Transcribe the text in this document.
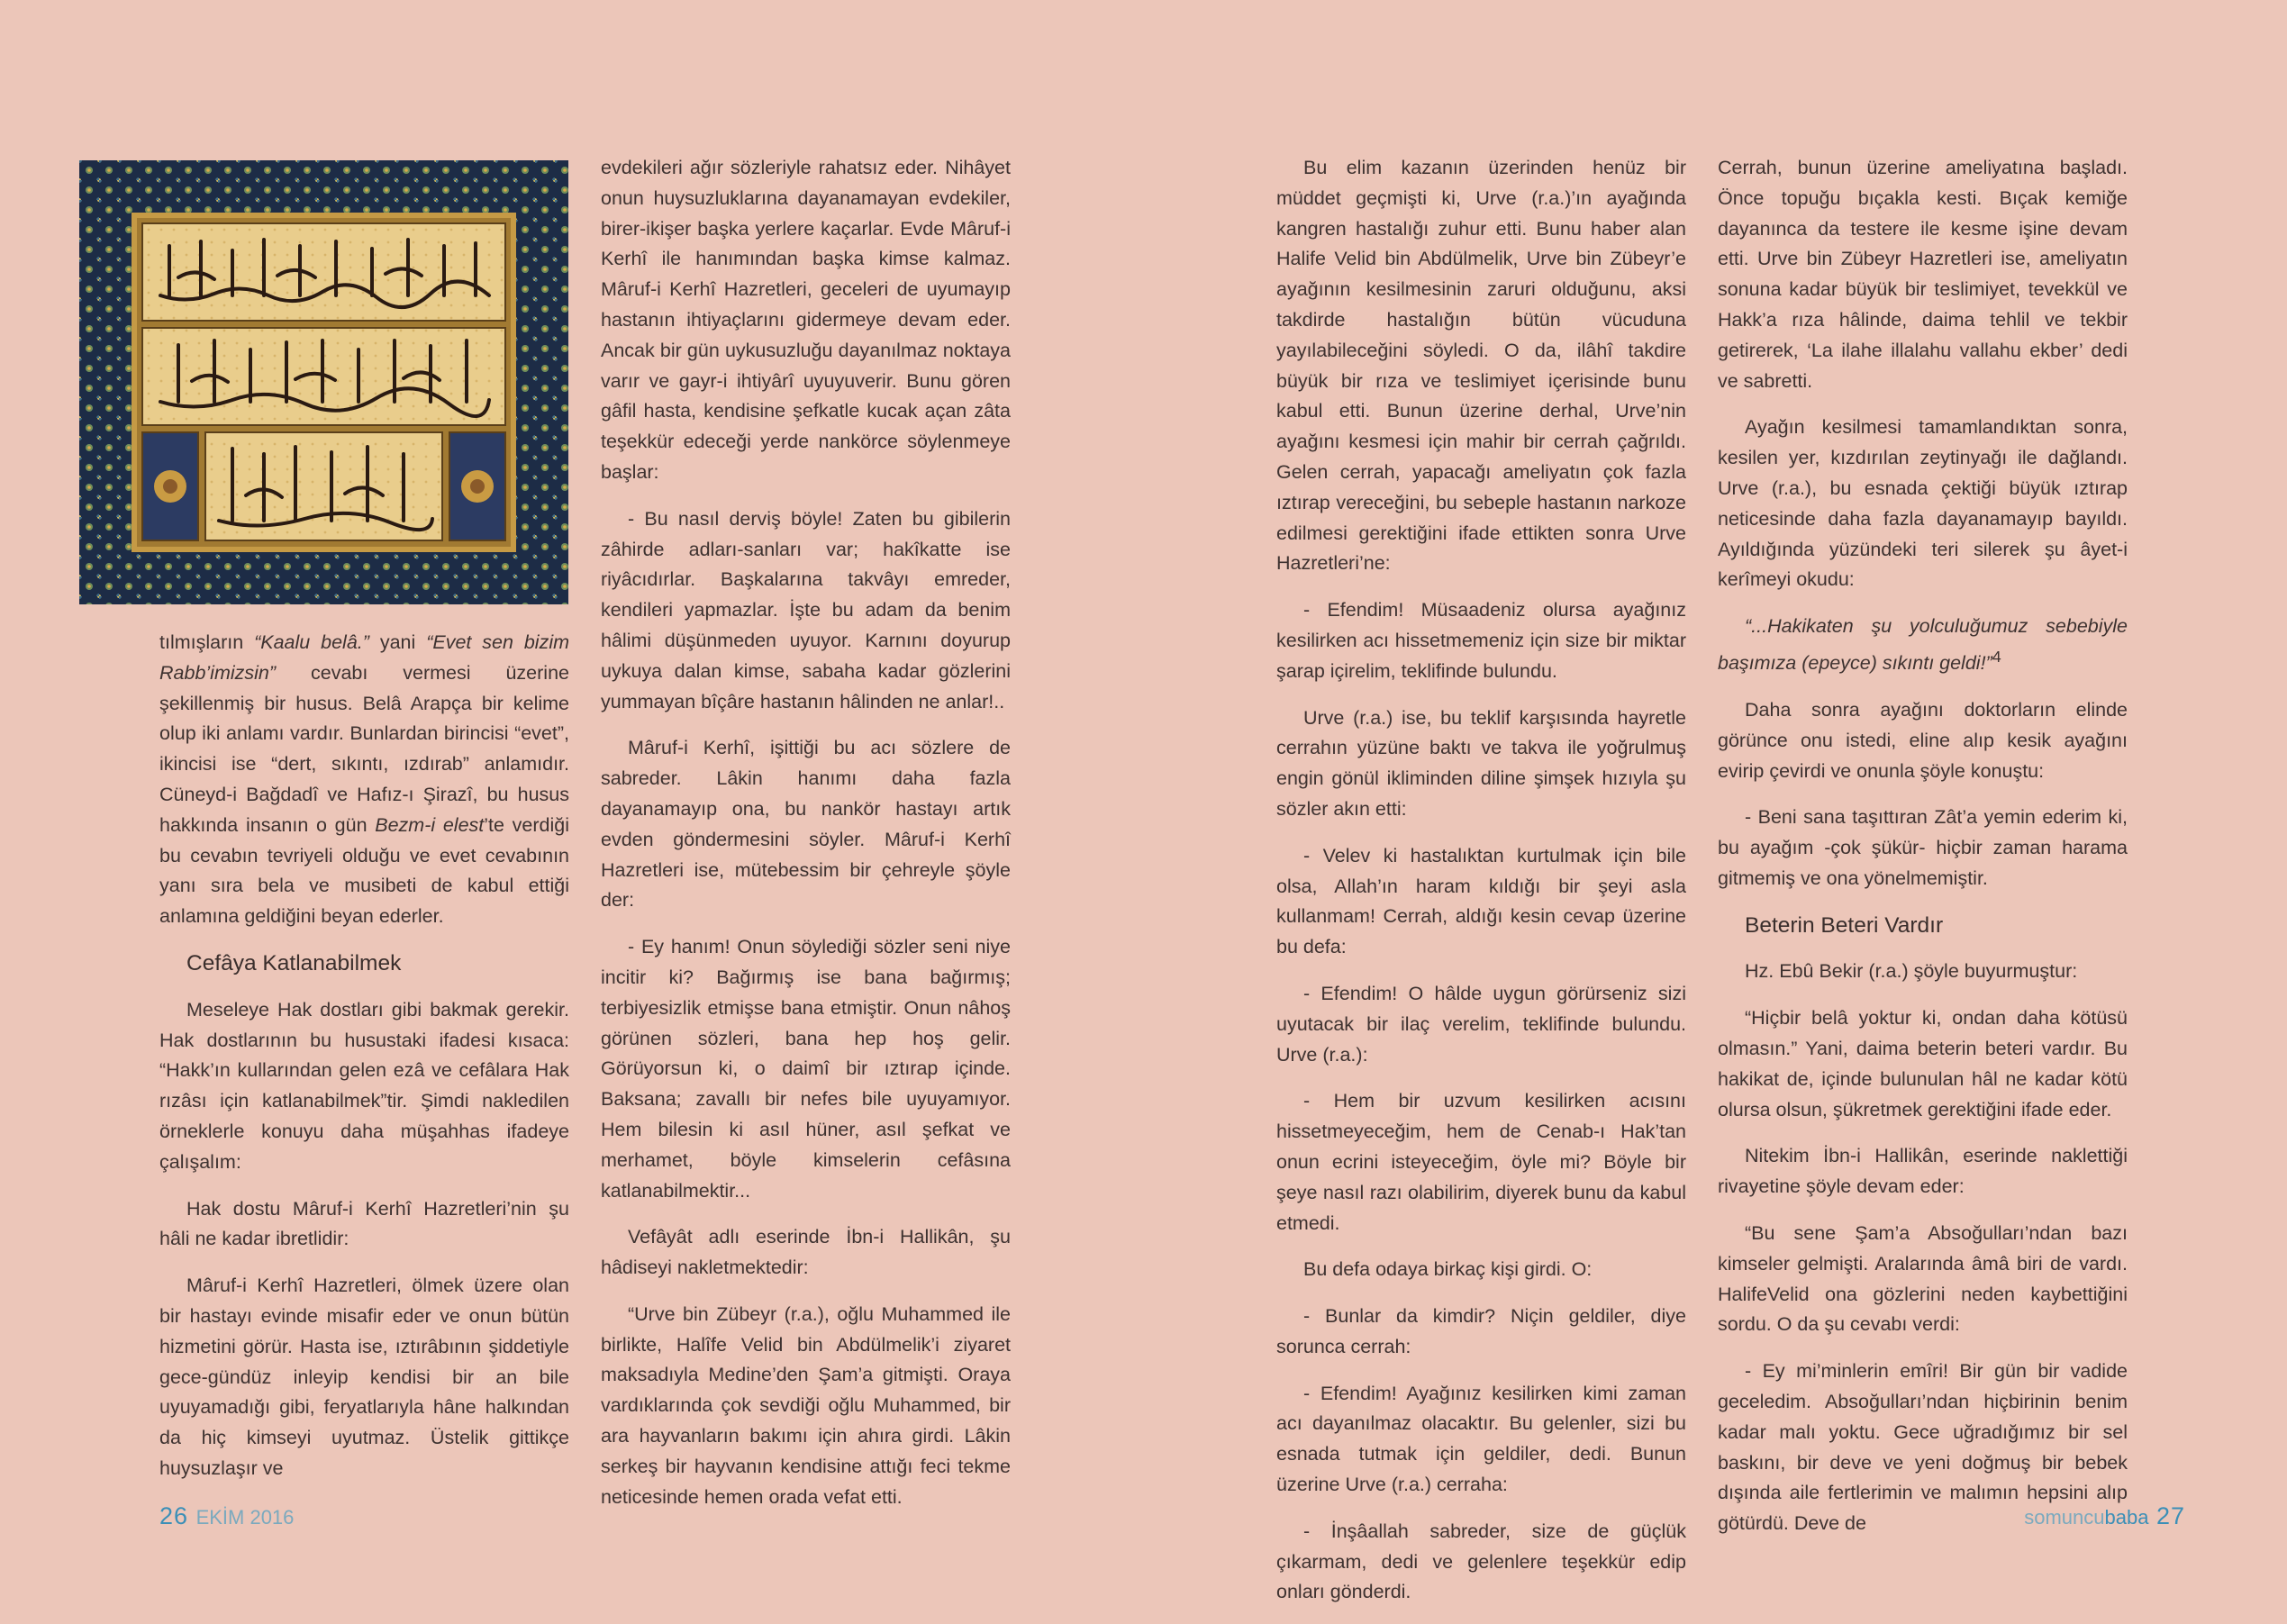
tılmışların “Kaalu belâ.” yani “Evet sen bizim Rabb’imizsin” cevabı vermesi üzerine şekillenmiş bir husus. Belâ Arapça bir kelime olup iki anlamı vardır. Bunlardan birincisi “evet”, ikincisi ise “dert, sıkıntı, ızdırab” anlamıdır. Cüneyd-i Bağdadî ve Hafız-ı Şirazî, bu husus hakkında insanın o gün Bezm-i elest’te verdiği bu cevabın tevriyeli olduğu ve evet cevabının yanı sıra bela ve musibeti de kabul ettiği anlamına geldiğini beyan ederler.

Cefâya Katlanabilmek

Meseleye Hak dostları gibi bakmak gerekir. Hak dostlarının bu husustaki ifadesi kısaca: “Hakk’ın kullarından gelen ezâ ve cefâlara Hak rızâsı için katlanabilmek”tir. Şimdi nakledilen örneklerle konuyu daha müşahhas ifadeye çalışalım:

Hak dostu Mâruf-i Kerhî Hazretleri’nin şu hâli ne kadar ibretlidir:

Mâruf-i Kerhî Hazretleri, ölmek üzere olan bir hastayı evinde misafir eder ve onun bütün hizmetini görür. Hasta ise, ıztırâbının şiddetiyle gece-gündüz inleyip kendisi bir an bile uyuyamadığı gibi, feryatlarıyla hâne halkından da hiç kimseyi uyutmaz. Üstelik gittikçe huysuzlaşır ve

evdekileri ağır sözleriyle rahatsız eder. Nihâyet onun huysuzluklarına dayanamayan evdekiler, birer-ikişer başka yerlere kaçarlar. Evde Mâruf-i Kerhî ile hanımından başka kimse kalmaz. Mâruf-i Kerhî Hazretleri, geceleri de uyumayıp hastanın ihtiyaçlarını gidermeye devam eder. Ancak bir gün uykusuzluğu dayanılmaz noktaya varır ve gayr-i ihtiyârî uyuyuverir. Bunu gören gâfil hasta, kendisine şefkatle kucak açan zâta teşekkür edeceği yerde nankörce söylenmeye başlar:

- Bu nasıl derviş böyle! Zaten bu gibilerin zâhirde adları-sanları var; hakîkatte ise riyâcıdırlar. Başkalarına takvâyı emreder, kendileri yapmazlar. İşte bu adam da benim hâlimi düşünmeden uyuyor. Karnını doyurup uykuya dalan kimse, sabaha kadar gözlerini yummayan bîçâre hastanın hâlinden ne anlar!..

Mâruf-i Kerhî, işittiği bu acı sözlere de sabreder. Lâkin hanımı daha fazla dayanamayıp ona, bu nankör hastayı artık evden göndermesini söyler. Mâruf-i Kerhî Hazretleri ise, mütebessim bir çehreyle şöyle der:

- Ey hanım! Onun söylediği sözler seni niye incitir ki? Bağırmış ise bana bağırmış; terbiyesizlik etmişse bana etmiştir. Onun nâhoş görünen sözleri, bana hep hoş gelir. Görüyorsun ki, o daimî bir ıztırap içinde. Baksana; zavallı bir nefes bile uyuyamıyor. Hem bilesin ki asıl hüner, asıl şefkat ve merhamet, böyle kimselerin cefâsına katlanabilmektir...

Vefâyât adlı eserinde İbn-i Hallikân, şu hâdiseyi nakletmektedir:

“Urve bin Zübeyr (r.a.), oğlu Muhammed ile birlikte, Halîfe Velid bin Abdülmelik’i ziyaret maksadıyla Medine’den Şam’a gitmişti. Oraya vardıklarında çok sevdiği oğlu Muhammed, bir ara hayvanların bakımı için ahıra girdi. Lâkin serkeş bir hayvanın kendisine attığı feci tekme neticesinde hemen orada vefat etti.

26 EKİM 2016

Bu elim kazanın üzerinden henüz bir müddet geçmişti ki, Urve (r.a.)’ın ayağında kangren hastalığı zuhur etti. Bunu haber alan Halife Velid bin Abdülmelik, Urve bin Zübeyr’e ayağının kesilmesinin zaruri olduğunu, aksi takdirde hastalığın bütün vücuduna yayılabileceğini söyledi. O da, ilâhî takdire büyük bir rıza ve teslimiyet içerisinde bunu kabul etti. Bunun üzerine derhal, Urve’nin ayağını kesmesi için mahir bir cerrah çağrıldı. Gelen cerrah, yapacağı ameliyatın çok fazla ıztırap vereceğini, bu sebeple hastanın narkoze edilmesi gerektiğini ifade ettikten sonra Urve Hazretleri’ne:

- Efendim! Müsaadeniz olursa ayağınız kesilirken acı hissetmemeniz için size bir miktar şarap içirelim, teklifinde bulundu.

Urve (r.a.) ise, bu teklif karşısında hayretle cerrahın yüzüne baktı ve takva ile yoğrulmuş engin gönül ikliminden diline şimşek hızıyla şu sözler akın etti:

- Velev ki hastalıktan kurtulmak için bile olsa, Allah’ın haram kıldığı bir şeyi asla kullanmam! Cerrah, aldığı kesin cevap üzerine bu defa:

- Efendim! O hâlde uygun görürseniz sizi uyutacak bir ilaç verelim, teklifinde bulundu. Urve (r.a.):

- Hem bir uzvum kesilirken acısını hissetmeyeceğim, hem de Cenab-ı Hak’tan onun ecrini isteyeceğim, öyle mi? Böyle bir şeye nasıl razı olabilirim, diyerek bunu da kabul etmedi.

Bu defa odaya birkaç kişi girdi. O:

- Bunlar da kimdir? Niçin geldiler, diye sorunca cerrah:

- Efendim! Ayağınız kesilirken kimi zaman acı dayanılmaz olacaktır. Bu gelenler, sizi bu esnada tutmak için geldiler, dedi. Bunun üzerine Urve (r.a.) cerraha:

- İnşâallah sabreder, size de güçlük çıkarmam, dedi ve gelenlere teşekkür edip onları gönderdi.

Cerrah, bunun üzerine ameliyatına başladı. Önce topuğu bıçakla kesti. Bıçak kemiğe dayanınca da testere ile kesme işine devam etti. Urve bin Zübeyr Hazretleri ise, ameliyatın sonuna kadar büyük bir teslimiyet, tevekkül ve Hakk’a rıza hâlinde, daima tehlil ve tekbir getirerek, ‘La ilahe illalahu vallahu ekber’ dedi ve sabretti.

Ayağın kesilmesi tamamlandıktan sonra, kesilen yer, kızdırılan zeytinyağı ile dağlandı. Urve (r.a.), bu esnada çektiği büyük ıztırap neticesinde daha fazla dayanamayıp bayıldı. Ayıldığında yüzündeki teri silerek şu âyet-i kerîmeyi okudu:

“...Hakikaten şu yolculuğumuz sebebiyle başımıza (epeyce) sıkıntı geldi!”$^4$

Daha sonra ayağını doktorların elinde görünce onu istedi, eline alıp kesik ayağını evirip çevirdi ve onunla şöyle konuştu:

- Beni sana taşıttıran Zât’a yemin ederim ki, bu ayağım -çok şükür- hiçbir zaman harama gitmemiş ve ona yönelmemiştir.

Beterin Beteri Vardır

Hz. Ebû Bekir (r.a.) şöyle buyurmuştur:

“Hiçbir belâ yoktur ki, ondan daha kötüsü olmasın.” Yani, daima beterin beteri vardır. Bu hakikat de, içinde bulunulan hâl ne kadar kötü olursa olsun, şükretmek gerektiğini ifade eder.

Nitekim İbn-i Hallikân, eserinde naklettiği rivayetine şöyle devam eder:

“Bu sene Şam’a Absoğulları’ndan bazı kimseler gelmişti. Aralarında âmâ biri de vardı. HalifeVelid ona gözlerini neden kaybettiğini sordu. O da şu cevabı verdi:

- Ey mi’minlerin emîri! Bir gün bir vadide geceledim. Absoğulları’ndan hiçbirinin benim kadar malı yoktu. Gece uğradığımız bir sel baskını, bir deve ve yeni doğmuş bir bebek dışında aile fertlerimin ve malımın hepsini alıp götürdü. Deve de	somuncubaba 27
